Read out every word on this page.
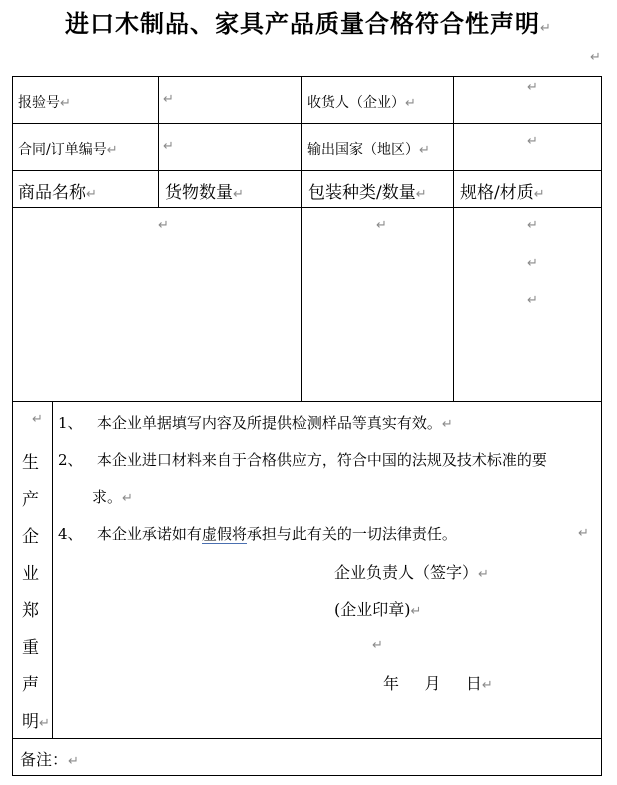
进口木制品、家具产品质量合格符合性声明↵
↵
报验号↵	↵	收货人（企业）↵
↵
合同/订单编号↵	↵	输出国家（地区）↵
↵
商品名称↵	货物数量↵	包装种类/数量↵ 规格/材质↵
↵	↵	↵
↵
↵
↵
生
产
企
业
郑
重
声
明↵
1、 本企业单据填写内容及所提供检测样品等真实有效。↵
2、 本企业进口材料来自于合格供应方，符合中国的法规及技术标准的要
求。↵
4、 本企业承诺如有虚假将承担与此有关的一切法律责任。	↵
企业负责人（签字）↵
(企业印章)↵
↵
年 月 日↵
备注：↵
